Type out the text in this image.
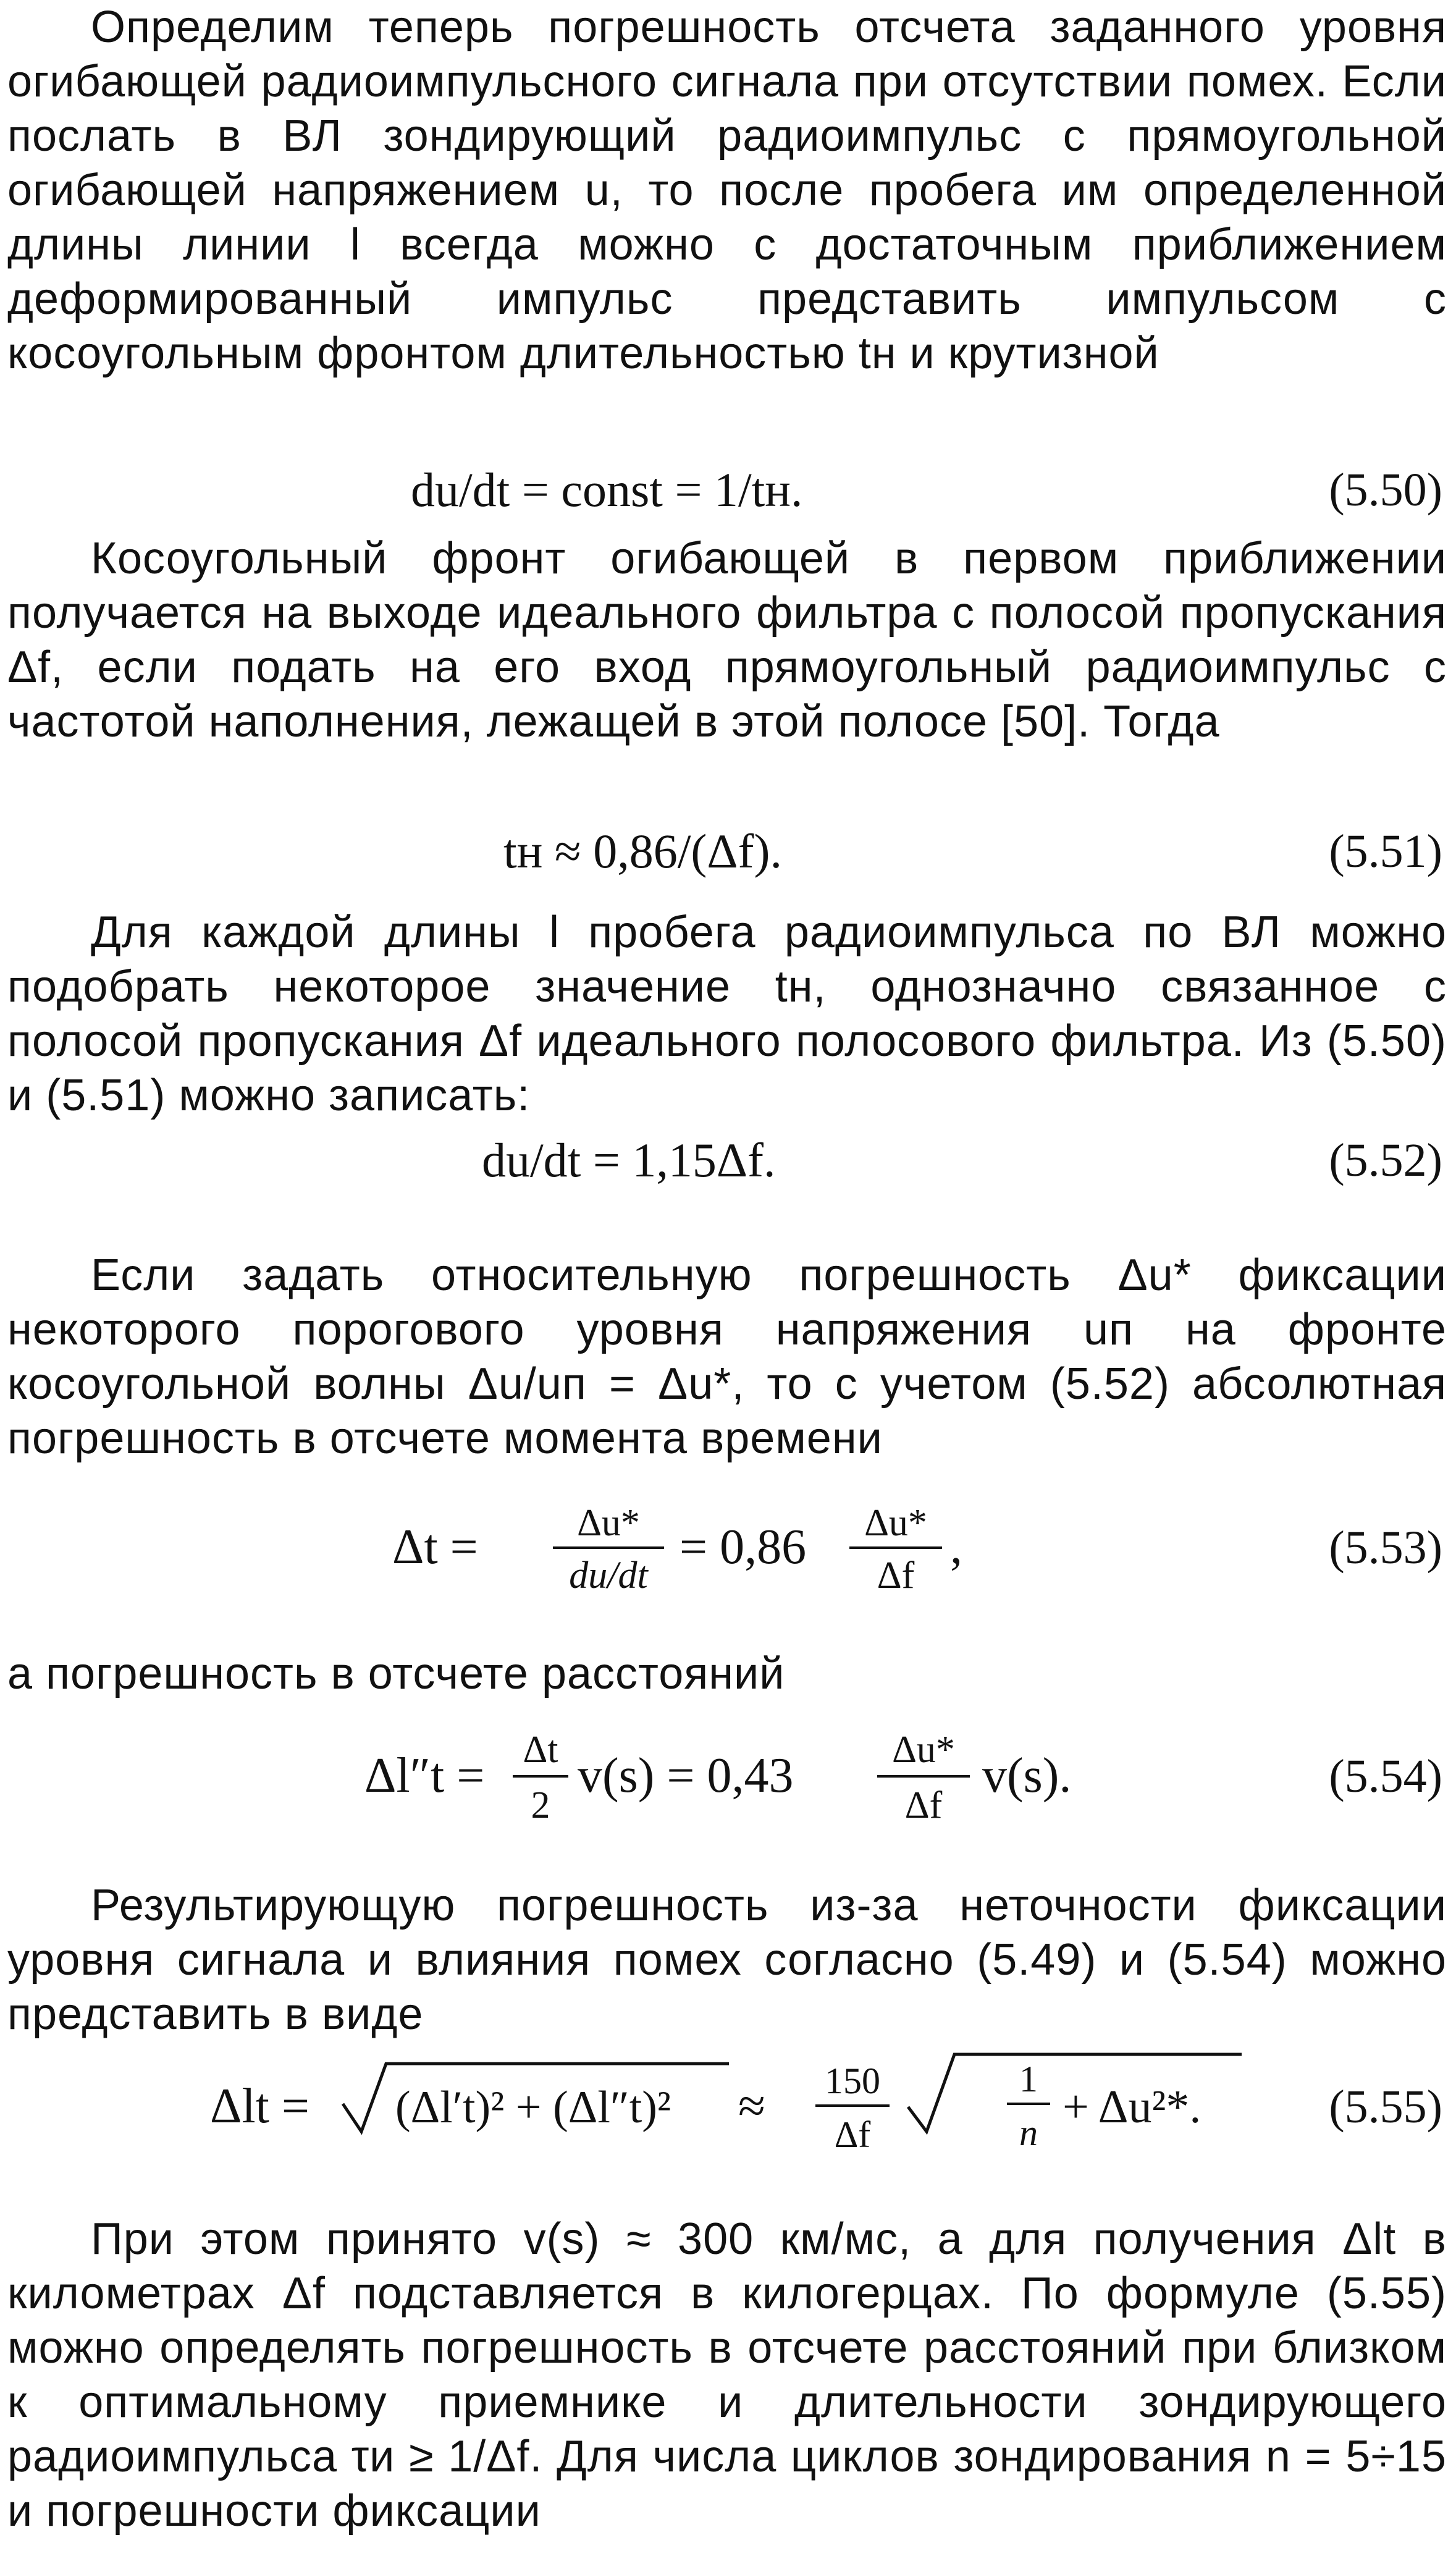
Определим теперь погрешность отсчета заданного уровня огибающей радиоимпульсного сигнала при отсутствии помех. Если послать в ВЛ зондирующий радиоимпульс с прямоугольной огибающей напряжением u, то после пробега им определенной длины линии l всегда можно с достаточным приближением деформированный импульс представить импульсом с косоугольным фронтом длительностью tн и крутизной

du/dt = const = 1/tн.	(5.50)

Косоугольный фронт огибающей в первом приближении получается на выходе идеального фильтра с полосой пропускания Δf, если подать на его вход прямоугольный радиоимпульс с частотой наполнения, лежащей в этой полосе [50]. Тогда

tн ≈ 0,86/(Δf).	(5.51)

Для каждой длины l пробега радиоимпульса по ВЛ можно подобрать некоторое значение tн, однозначно связанное с полосой пропускания Δf идеального полосового фильтра. Из (5.50) и (5.51) можно записать:

du/dt = 1,15Δf.	(5.52)

Если задать относительную погрешность Δu* фиксации некоторого порогового уровня напряжения uп на фронте косоугольной волны Δu/uп = Δu*, то с учетом (5.52) абсолютная погрешность в отсчете момента времени

Δt =	Δu*
du/dt
= 0,86 Δu*
Δf
,	(5.53)

а погрешность в отсчете расстояний

Δl″t = Δt
2
v(s) = 0,43	Δu*
Δf
v(s).	(5.54)

Результирующую погрешность из-за неточности фиксации уровня сигнала и влияния помех согласно (5.49) и (5.54) можно представить в виде

Δlt = (Δl′t)² + (Δl″t)² ≈ 150
Δf
1
n + Δu²*.	(5.55)

При этом принято v(s) ≈ 300 км/мс, а для получения Δlt в километрах Δf подставляется в килогерцах. По формуле (5.55) можно определять погрешность в отсчете расстояний при близком к оптимальному приемнике и длительности зондирующего радиоимпульса τи ≥ 1/Δf. Для числа циклов зондирования n = 5÷15 и погрешности фиксации
